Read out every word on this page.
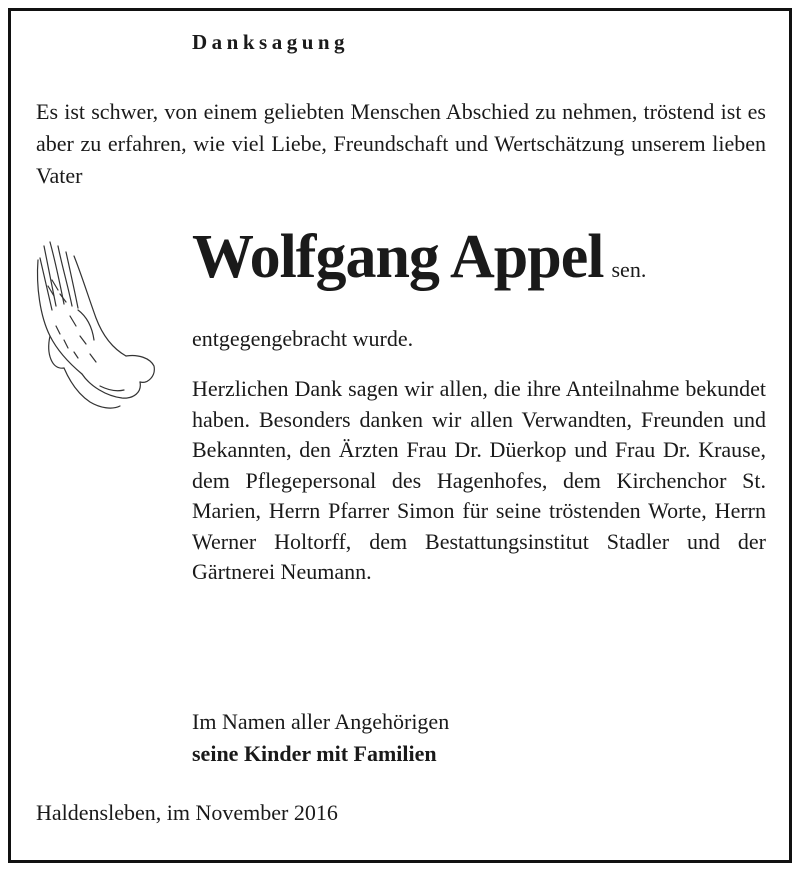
Danksagung
Es ist schwer, von einem geliebten Menschen Abschied zu nehmen, tröstend ist es aber zu erfahren, wie viel Liebe, Freundschaft und Wertschätzung unserem lieben Vater
Wolfgang Appel sen.
entgegengebracht wurde.
Herzlichen Dank sagen wir allen, die ihre Anteilnahme bekundet haben. Besonders danken wir allen Verwandten, Freunden und Bekannten, den Ärzten Frau Dr. Düerkop und Frau Dr. Krause, dem Pflegepersonal des Hagenhofes, dem Kirchenchor St. Marien, Herrn Pfarrer Simon für seine tröstenden Worte, Herrn Werner Holtorff, dem Bestattungsinstitut Stadler und der Gärtnerei Neumann.
Im Namen aller Angehörigen
seine Kinder mit Familien
Haldensleben, im November 2016
